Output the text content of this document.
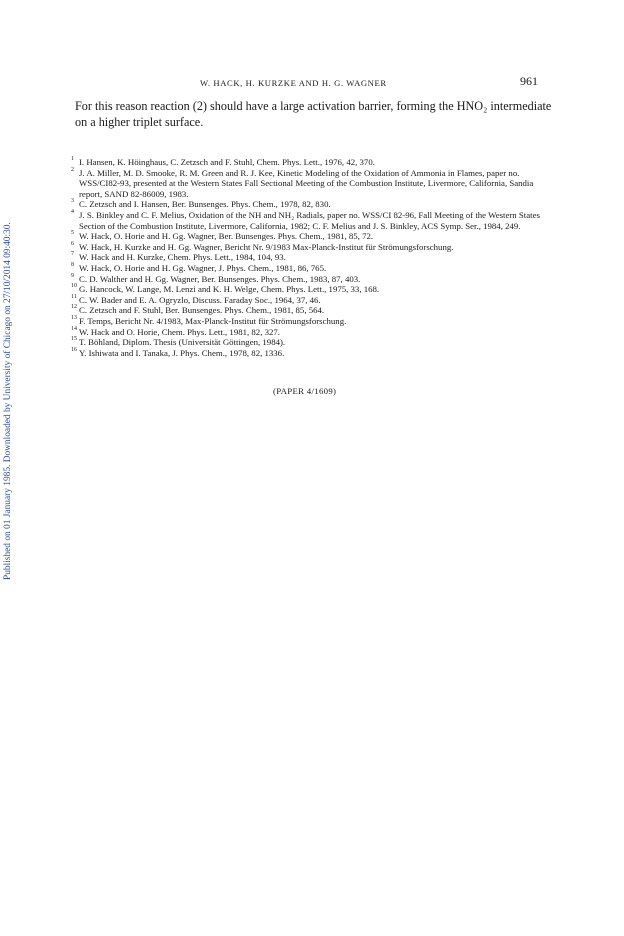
Published on 01 January 1985. Downloaded by University of Chicago on 27/10/2014 09:40:30.
W. HACK, H. KURZKE AND H. G. WAGNER	961
For this reason reaction (2) should have a large activation barrier, forming the HNO₂ intermediate on a higher triplet surface.
1 I. Hansen, K. Höinghaus, C. Zetzsch and F. Stuhl, Chem. Phys. Lett., 1976, 42, 370.
2 J. A. Miller, M. D. Smooke, R. M. Green and R. J. Kee, Kinetic Modeling of the Oxidation of Ammonia in Flames, paper no. WSS/CI82-93, presented at the Western States Fall Sectional Meeting of the Combustion Institute, Livermore, California, Sandia report, SAND 82-86009, 1983.
3 C. Zetzsch and I. Hansen, Ber. Bunsenges. Phys. Chem., 1978, 82, 830.
4 J. S. Binkley and C. F. Melius, Oxidation of the NH and NH₂ Radials, paper no. WSS/CI 82-96, Fall Meeting of the Western States Section of the Combustion Institute, Livermore, California, 1982; C. F. Melius and J. S. Binkley, ACS Symp. Ser., 1984, 249.
5 W. Hack, O. Horie and H. Gg. Wagner, Ber. Bunsenges. Phys. Chem., 1981, 85, 72.
6 W. Hack, H. Kurzke and H. Gg. Wagner, Bericht Nr. 9/1983 Max-Planck-Institut für Strömungsforschung.
7 W. Hack and H. Kurzke, Chem. Phys. Lett., 1984, 104, 93.
8 W. Hack, O. Horie and H. Gg. Wagner, J. Phys. Chem., 1981, 86, 765.
9 C. D. Walther and H. Gg. Wagner, Ber. Bunsenges. Phys. Chem., 1983, 87, 403.
10 G. Hancock, W. Lange, M. Lenzi and K. H. Welge, Chem. Phys. Lett., 1975, 33, 168.
11 C. W. Bader and E. A. Ogryzlo, Discuss. Faraday Soc., 1964, 37, 46.
12 C. Zetzsch and F. Stuhl, Ber. Bunsenges. Phys. Chem., 1981, 85, 564.
13 F. Temps, Bericht Nr. 4/1983, Max-Planck-Institut für Strömungsforschung.
14 W. Hack and O. Horie, Chem. Phys. Lett., 1981, 82, 327.
15 T. Böhland, Diplom. Thesis (Universität Göttingen, 1984).
16 Y. Ishiwata and I. Tanaka, J. Phys. Chem., 1978, 82, 1336.
(PAPER 4/1609)
